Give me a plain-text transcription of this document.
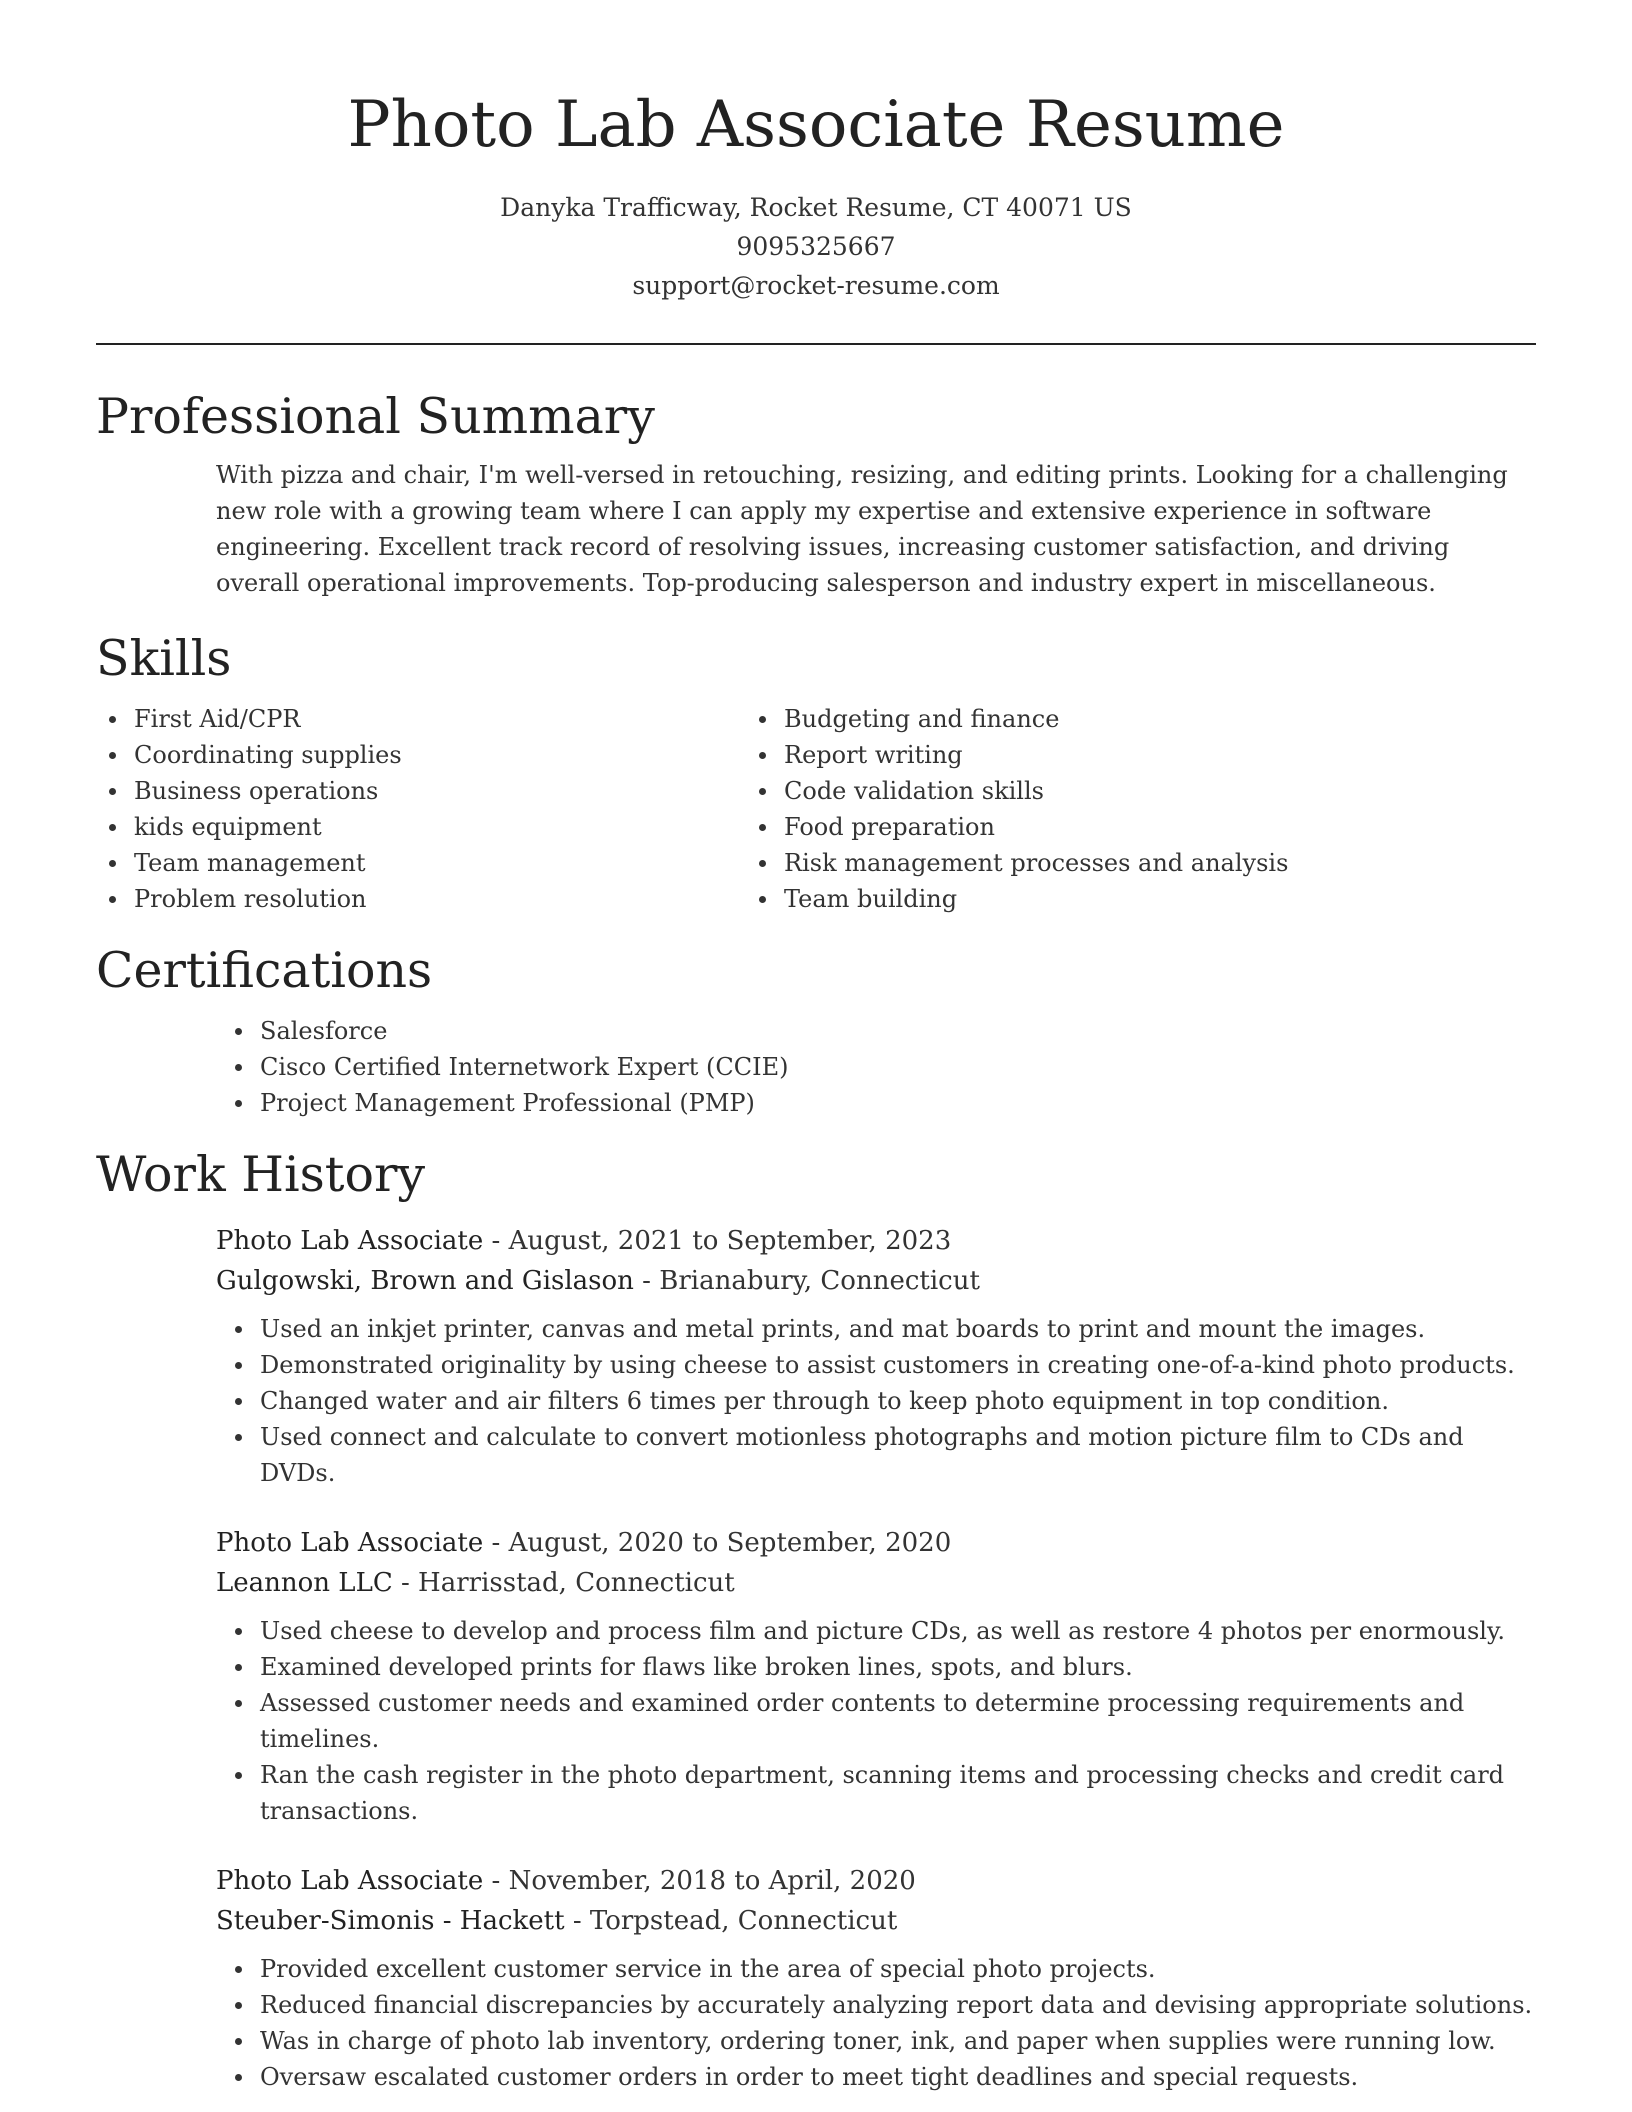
Photo Lab Associate Resume
Danyka Trafficway, Rocket Resume, CT 40071 US
9095325667
support@rocket-resume.com
Professional Summary

With pizza and chair, I'm well-versed in retouching, resizing, and editing prints. Looking for a challenging new role with a growing team where I can apply my expertise and extensive experience in software engineering. Excellent track record of resolving issues, increasing customer satisfaction, and driving overall operational improvements. Top-producing salesperson and industry expert in miscellaneous.

Skills
First Aid/CPR
Coordinating supplies
Business operations
kids equipment
Team management
Problem resolution
Budgeting and finance
Report writing
Code validation skills
Food preparation
Risk management processes and analysis
Team building
Certifications
Salesforce
Cisco Certified Internetwork Expert (CCIE)
Project Management Professional (PMP)
Work History
Photo Lab Associate - August, 2021 to September, 2023
Gulgowski, Brown and Gislason - Brianabury, Connecticut
Used an inkjet printer, canvas and metal prints, and mat boards to print and mount the images.
Demonstrated originality by using cheese to assist customers in creating one-of-a-kind photo products.
Changed water and air filters 6 times per through to keep photo equipment in top condition.
Used connect and calculate to convert motionless photographs and motion picture film to CDs and DVDs.
Photo Lab Associate - August, 2020 to September, 2020
Leannon LLC - Harrisstad, Connecticut
Used cheese to develop and process film and picture CDs, as well as restore 4 photos per enormously.
Examined developed prints for flaws like broken lines, spots, and blurs.
Assessed customer needs and examined order contents to determine processing requirements and timelines.
Ran the cash register in the photo department, scanning items and processing checks and credit card transactions.
Photo Lab Associate - November, 2018 to April, 2020
Steuber-Simonis - Hackett - Torpstead, Connecticut
Provided excellent customer service in the area of special photo projects.
Reduced financial discrepancies by accurately analyzing report data and devising appropriate solutions.
Was in charge of photo lab inventory, ordering toner, ink, and paper when supplies were running low.
Oversaw escalated customer orders in order to meet tight deadlines and special requests.
